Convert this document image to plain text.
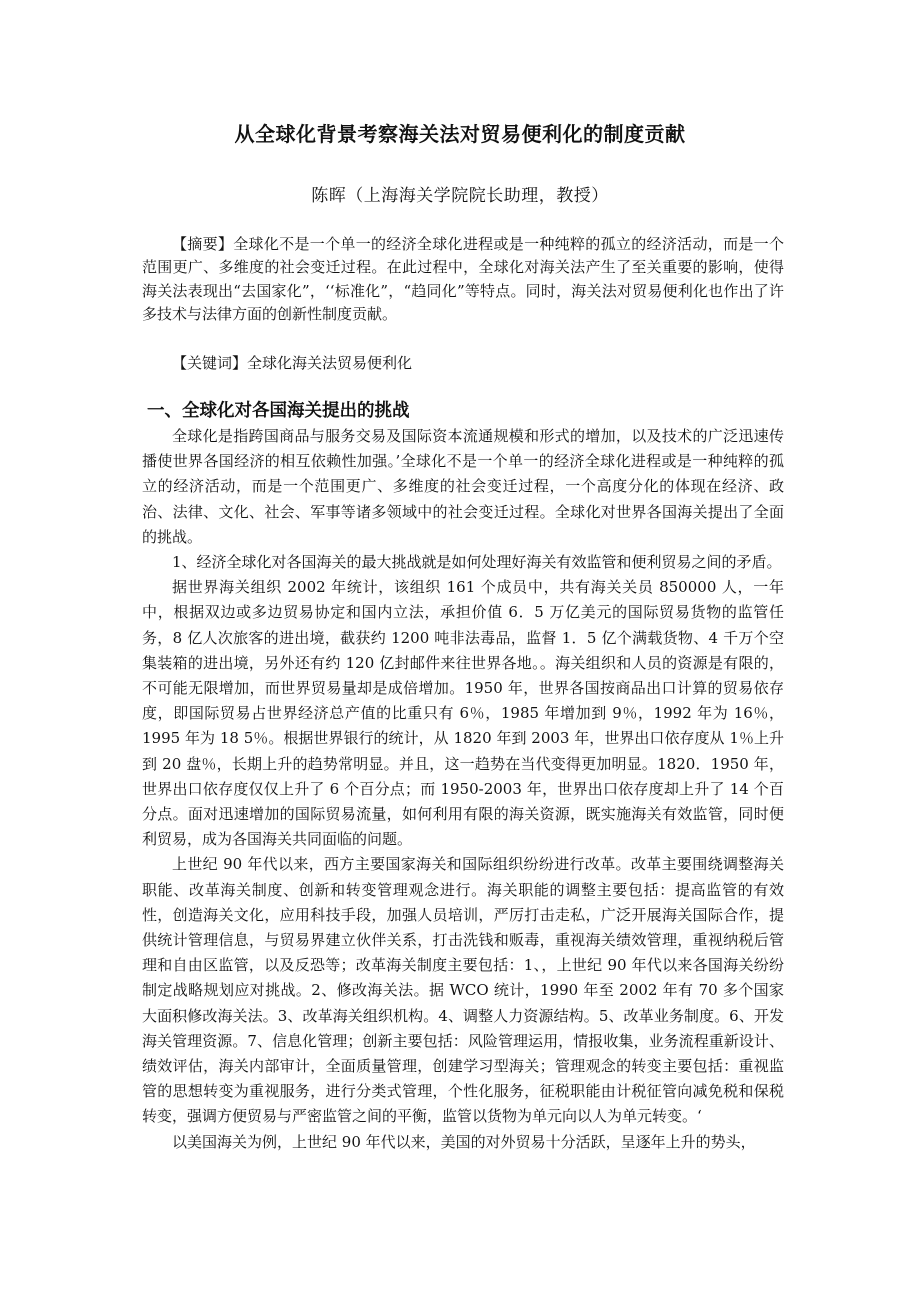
从全球化背景考察海关法对贸易便利化的制度贡献
陈晖（上海海关学院院长助理，教授）
【摘要】全球化不是一个单一的经济全球化进程或是一种纯粹的孤立的经济活动，而是一个范围更广、多维度的社会变迁过程。在此过程中，全球化对海关法产生了至关重要的影响，使得海关法表现出“去国家化”，‘‘标准化”，“趋同化”等特点。同时，海关法对贸易便利化也作出了许多技术与法律方面的创新性制度贡献。
【关键词】全球化海关法贸易便利化
一、全球化对各国海关提出的挑战

全球化是指跨国商品与服务交易及国际资本流通规模和形式的增加，以及技术的广泛迅速传播使世界各国经济的相互依赖性加强。’全球化不是一个单一的经济全球化进程或是一种纯粹的孤立的经济活动，而是一个范围更广、多维度的社会变迁过程，一个高度分化的体现在经济、政治、法律、文化、社会、军事等诸多领域中的社会变迁过程。全球化对世界各国海关提出了全面的挑战。

1、经济全球化对各国海关的最大挑战就是如何处理好海关有效监管和便利贸易之间的矛盾。

据世界海关组织 2002 年统计，该组织 161 个成员中，共有海关关员 850000 人，一年中，根据双边或多边贸易协定和国内立法，承担价值 6．5 万亿美元的国际贸易货物的监管任务，8 亿人次旅客的进出境，截获约 1200 吨非法毒品，监督 1．5 亿个满载货物、4 千万个空集装箱的进出境，另外还有约 120 亿封邮件来往世界各地。。海关组织和人员的资源是有限的，不可能无限增加，而世界贸易量却是成倍增加。1950 年，世界各国按商品出口计算的贸易依存度，即国际贸易占世界经济总产值的比重只有 6％，1985 年增加到 9％，1992 年为 16％，1995 年为 18 5％。根据世界银行的统计，从 1820 年到 2003 年，世界出口依存度从 1％上升到 20 盘％，长期上升的趋势常明显。并且，这一趋势在当代变得更加明显。1820．1950 年，世界出口依存度仅仅上升了 6 个百分点；而 1950-2003 年，世界出口依存度却上升了 14 个百分点。面对迅速增加的国际贸易流量，如何利用有限的海关资源，既实施海关有效监管，同时便利贸易，成为各国海关共同面临的问题。

上世纪 90 年代以来，西方主要国家海关和国际组织纷纷进行改革。改革主要围绕调整海关职能、改革海关制度、创新和转变管理观念进行。海关职能的调整主要包括：提高监管的有效性，创造海关文化，应用科技手段，加强人员培训，严厉打击走私，广泛开展海关国际合作，提供统计管理信息，与贸易界建立伙伴关系，打击洗钱和贩毒，重视海关绩效管理，重视纳税后管理和自由区监管，以及反恐等；改革海关制度主要包括：1、，上世纪 90 年代以来各国海关纷纷制定战略规划应对挑战。2、修改海关法。据 WCO 统计，1990 年至 2002 年有 70 多个国家大面积修改海关法。3、改革海关组织机构。4、调整人力资源结构。5、改革业务制度。6、开发海关管理资源。7、信息化管理；创新主要包括：风险管理运用，情报收集，业务流程重新设计、绩效评估，海关内部审计，全面质量管理，创建学习型海关；管理观念的转变主要包括：重视监管的思想转变为重视服务，进行分类式管理，个性化服务，征税职能由计税征管向减免税和保税转变，强调方便贸易与严密监管之间的平衡，监管以货物为单元向以人为单元转变。‘

以美国海关为例，上世纪 90 年代以来，美国的对外贸易十分活跃，呈逐年上升的势头，
